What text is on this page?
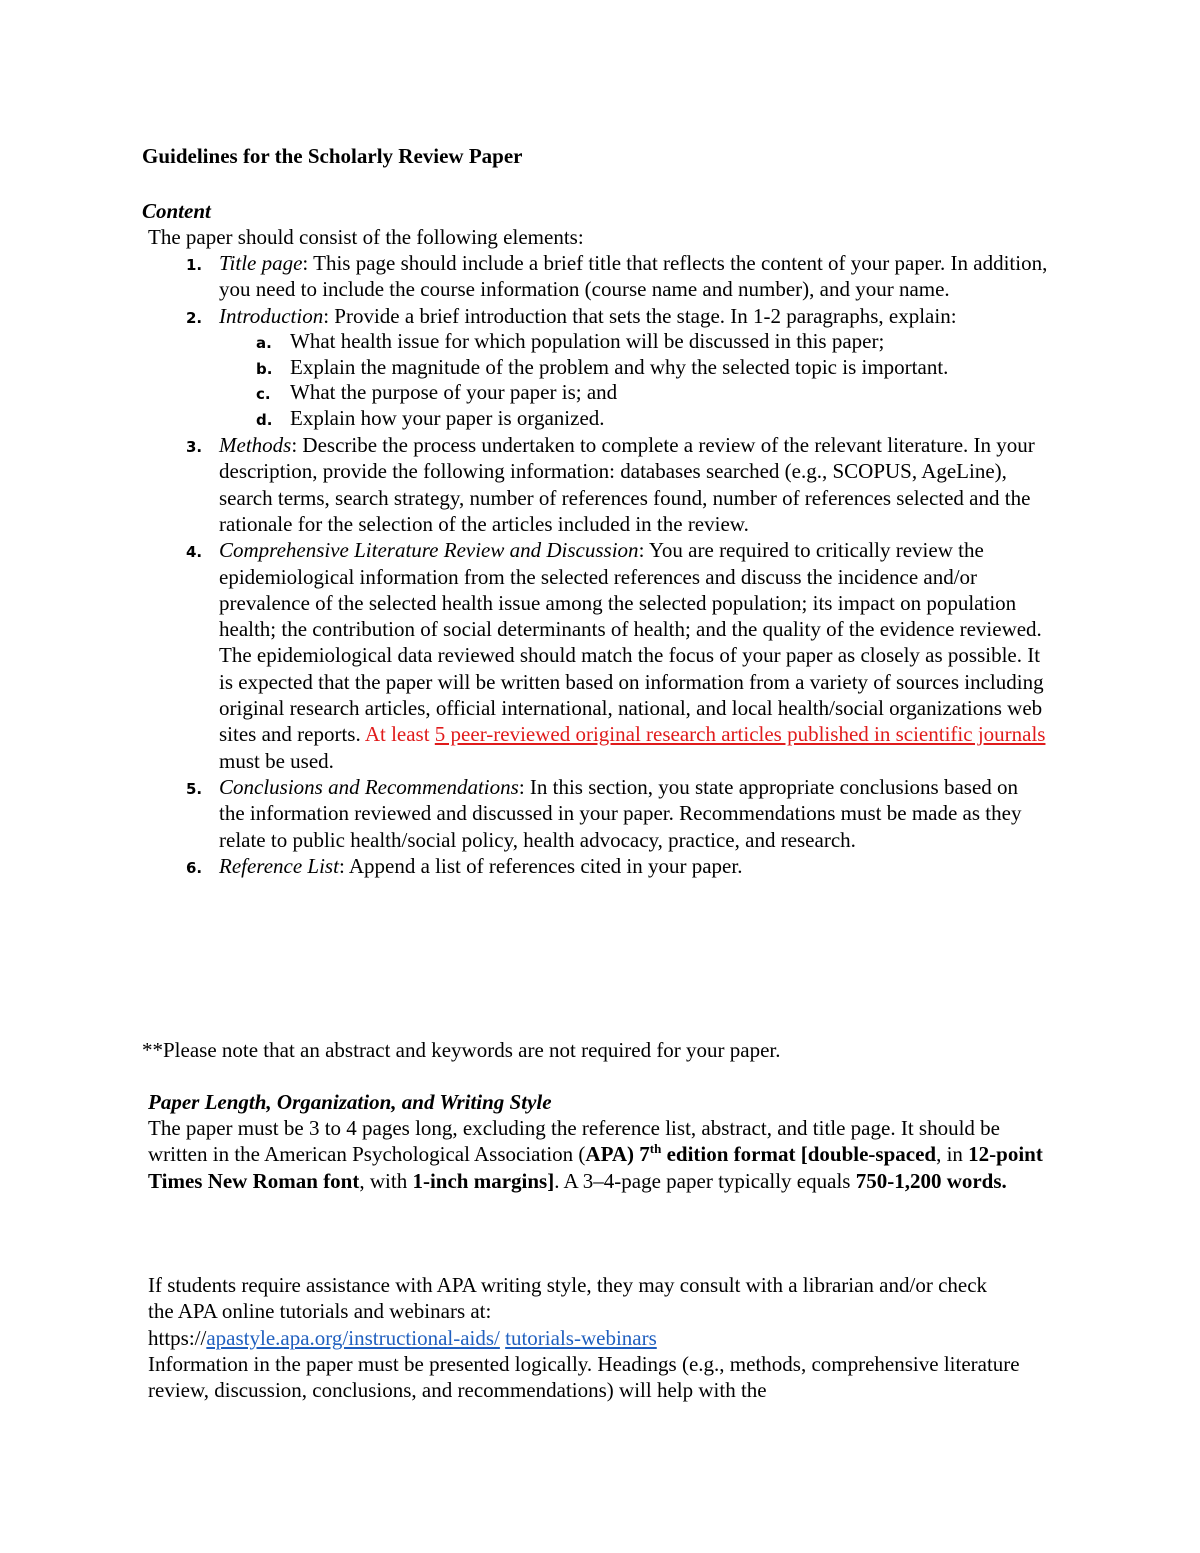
Guidelines for the Scholarly Review Paper
Content

The paper should consist of the following elements:

1. Title page: This page should include a brief title that reflects the content of your paper. In addition, you need to include the course information (course name and number), and your name.
2. Introduction: Provide a brief introduction that sets the stage. In 1-2 paragraphs, explain:
a. What health issue for which population will be discussed in this paper;
b. Explain the magnitude of the problem and why the selected topic is important.
c. What the purpose of your paper is; and
d. Explain how your paper is organized.
3. Methods: Describe the process undertaken to complete a review of the relevant literature. In your description, provide the following information: databases searched (e.g., SCOPUS, AgeLine), search terms, search strategy, number of references found, number of references selected and the rationale for the selection of the articles included in the review.
4. Comprehensive Literature Review and Discussion: You are required to critically review the epidemiological information from the selected references and discuss the incidence and/or prevalence of the selected health issue among the selected population; its impact on population health; the contribution of social determinants of health; and the quality of the evidence reviewed. The epidemiological data reviewed should match the focus of your paper as closely as possible. It is expected that the paper will be written based on information from a variety of sources including original research articles, official international, national, and local health/social organizations web sites and reports. At least 5 peer-reviewed original research articles published in scientific journals must be used.
5. Conclusions and Recommendations: In this section, you state appropriate conclusions based on the information reviewed and discussed in your paper. Recommendations must be made as they relate to public health/social policy, health advocacy, practice, and research.
6. Reference List: Append a list of references cited in your paper.

**Please note that an abstract and keywords are not required for your paper.

Paper Length, Organization, and Writing Style

The paper must be 3 to 4 pages long, excluding the reference list, abstract, and title page. It should be written in the American Psychological Association (APA) 7th edition format [double-spaced, in 12-point Times New Roman font, with 1-inch margins]. A 3–4-page paper typically equals 750-1,200 words.

If students require assistance with APA writing style, they may consult with a librarian and/or check the APA online tutorials and webinars at:
https://apastyle.apa.org/instructional-aids/ tutorials-webinars
Information in the paper must be presented logically. Headings (e.g., methods, comprehensive literature review, discussion, conclusions, and recommendations) will help with the
